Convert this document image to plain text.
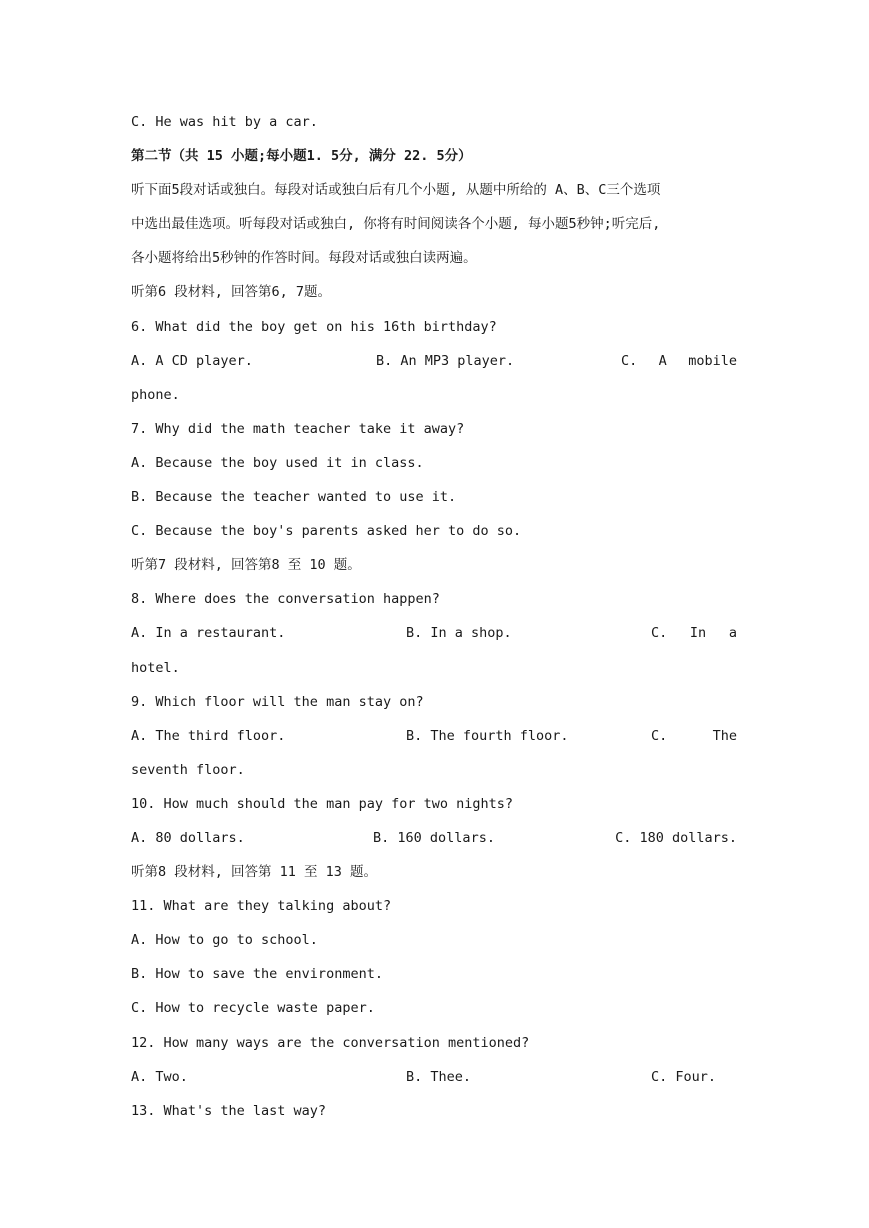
C. He was hit by a car.
第二节（共 15 小题;每小题1. 5分, 满分 22. 5分）
听下面5段对话或独白。每段对话或独白后有几个小题, 从题中所给的 A、B、C三个选项
中选出最佳选项。听每段对话或独白, 你将有时间阅读各个小题, 每小题5秒钟;听完后,
各小题将给出5秒钟的作答时间。每段对话或独白读两遍。
听第6 段材料, 回答第6, 7题。
6. What did the boy get on his 16th birthday?
A. A CD player.	B. An MP3 player.	C. A mobile
phone.
7. Why did the math teacher take it away?
A. Because the boy used it in class.
B. Because the teacher wanted to use it.
C. Because the boy's parents asked her to do so.
听第7 段材料, 回答第8 至 10 题。
8. Where does the conversation happen?
A. In a restaurant.	B. In a shop.	C. In a
hotel.
9. Which floor will the man stay on?
A. The third floor.	B. The fourth floor.	C.	The
seventh floor.
10. How much should the man pay for two nights?
A. 80 dollars.	B. 160 dollars.	C. 180 dollars.
听第8 段材料, 回答第 11 至 13 题。
11. What are they talking about?
A. How to go to school.
B. How to save the environment.
C. How to recycle waste paper.
12. How many ways are the conversation mentioned?
A. Two.	B. Thee.	C. Four.
13. What's the last way?
